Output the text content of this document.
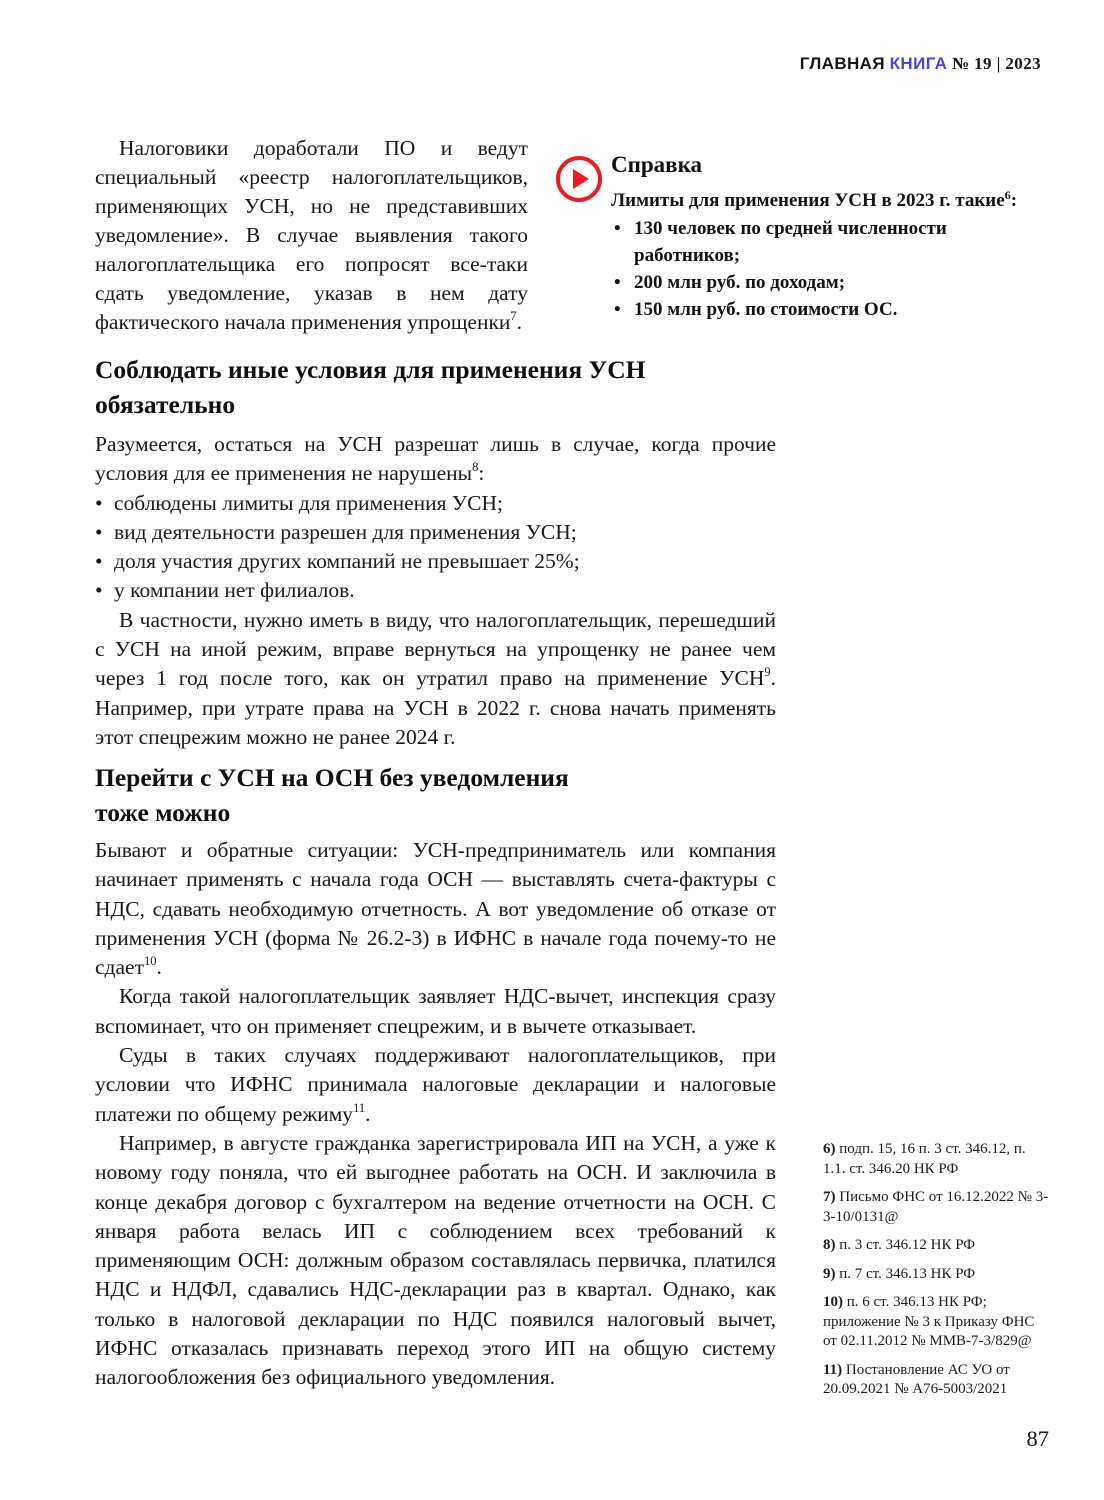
ГЛАВНАЯ КНИГА № 19 | 2023

Налоговики доработали ПО и ведут специальный «реестр налогоплательщиков, применяющих УСН, но не представивших уведомление». В случае выявления такого налогоплательщика его попросят все-таки сдать уведомление, указав в нем дату фактического начала применения упрощенки$^7$.

Справка
Лимиты для применения УСН в 2023 г. такие$^6$:
• 130 человек по средней численности работников;
• 200 млн руб. по доходам;
• 150 млн руб. по стоимости ОС.
Соблюдать иные условия для применения УСН
обязательно

Разумеется, остаться на УСН разрешат лишь в случае, когда прочие условия для ее применения не нарушены$^8$:

• соблюдены лимиты для применения УСН;
• вид деятельности разрешен для применения УСН;
• доля участия других компаний не превышает 25%;
• у компании нет филиалов.

В частности, нужно иметь в виду, что налогоплательщик, перешедший с УСН на иной режим, вправе вернуться на упрощенку не ранее чем через 1 год после того, как он утратил право на применение УСН$^9$. Например, при утрате права на УСН в 2022 г. снова начать применять этот спецрежим можно не ранее 2024 г.

Перейти с УСН на ОСН без уведомления
тоже можно

Бывают и обратные ситуации: УСН-предприниматель или компания начинает применять с начала года ОСН — выставлять счета-фактуры с НДС, сдавать необходимую отчетность. А вот уведомление об отказе от применения УСН (форма № 26.2-3) в ИФНС в начале года почему-то не сдает$^{10}$.

Когда такой налогоплательщик заявляет НДС-вычет, инспекция сразу вспоминает, что он применяет спецрежим, и в вычете отказывает.

Суды в таких случаях поддерживают налогоплательщиков, при условии что ИФНС принимала налоговые декларации и налоговые платежи по общему режиму$^{11}$.

Например, в августе гражданка зарегистрировала ИП на УСН, а уже к новому году поняла, что ей выгоднее работать на ОСН. И заключила в конце декабря договор с бухгалтером на ведение отчетности на ОСН. С января работа велась ИП с соблюдением всех требований к применяющим ОСН: должным образом составлялась первичка, платился НДС и НДФЛ, сдавались НДС-декларации раз в квартал. Однако, как только в налоговой декларации по НДС появился налоговый вычет, ИФНС отказалась признавать переход этого ИП на общую систему налогообложения без официального уведомления.

6) подп. 15, 16 п. 3 ст. 346.12, п. 1.1. ст. 346.20 НК РФ
7) Письмо ФНС от 16.12.2022 № 3-3-10/0131@
8) п. 3 ст. 346.12 НК РФ
9) п. 7 ст. 346.13 НК РФ
10) п. 6 ст. 346.13 НК РФ; приложение № 3 к Приказу ФНС от 02.11.2012 № ММВ-7-3/829@
11) Постановление АС УО от 20.09.2021 № А76-5003/2021
87
